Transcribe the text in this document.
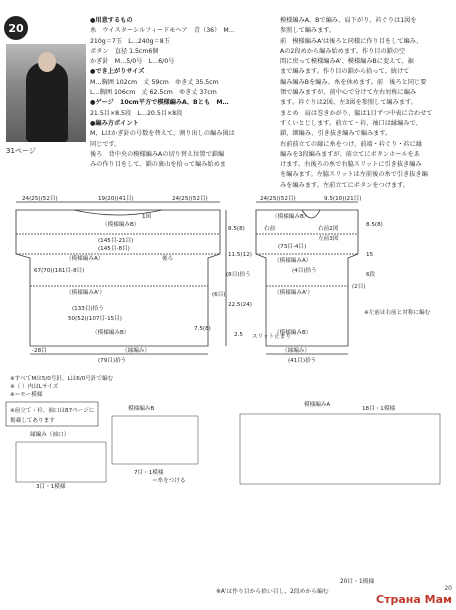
20
31ページ
●用意するもの
糸　ウイスターシルフィードモヘア　青（36）　M…
210g＝7玉　L…240g＝8玉
ボタン　直径 1.5cm6個
かぎ針　M…5/0号　L…6/0号
●でき上がりサイズ
M…胸囲 102cm　丈 59cm　ゆき丈 35.5cm
L…胸囲 106cm　丈 62.5cm　ゆき丈 37cm
●ゲージ　10cm平方で模様編みA、Bとも　M…
21.5目×8.5段　L…20.5目×8段
●編み方ポイント
M、Lはかぎ針の号数を替えて、割り出しの編み図は
同じです。
後ろ　背中央の模様編みAの切り替え位置で鎖編
みの作り目をして、鎖の裏山を拾って編み始めま
模様編みA、Bで編み、肩下がり、衿ぐりは1図を
参照して編みます。
前　模様編みA'は後ろと同様に作り目をして編み、
Aの2段めから編み始めます。作り目の鎖の空
間に戻って模様編みA'、模様編みBに変えて、裾
まで編みます。作り目の鎖から拾って、続けて
編み編みBを編み、糸を休めます。前　後ろと同じ要
領で編みますが、前中心で分けて左右対称に編み
ます。衿ぐりは2図、左3図を参照して編みます。
まとめ　肩は巻きかがり、脇は1目ずつ中表に合わせて
すくいとじします。前立て・衿、袖口は縁編みで、
鎖、細編み、引き抜き編みで編みます。
右前前立ての縁に糸をつけ、前端・衿ぐり・衿に縁
編みを3段編みますが、前立てにボタンホールをあ
けます。右後ろの糸で右脇スリットに引き抜き編み
を編みます。左脇スリットは左前後の糸で引き抜き編
みを編みます。左前立てにボタンをつけます。
24(25)(52目)	19(20)(41目)	24(25)(52目)	24(25)(52目)	9.5(10)(21目)
1図
（模様編みB）
(145目-21目)
(145目-8目)
（模様編みA）	後ろ
67(70)(161目-8目)
（模様編みA'）
(133目)拾う
50(52)(107目-15目)
（模様編みB）
-28目	（縁編み）
(79目)拾う
8.5(8)
11.5(12)
22.5(24)
7.5(8)
2.5
(8目)拾う
(6目)
（模様編みB）
右前	右前2図
左前3図
(73目-4目)
（模様編みA）
(4目)拾う
（模様編みA'）
（模様編みB）
※左前は右前と対称に編む
スリット止まり
（縁編み）
(41目)拾う
8.5(8)
15
6段
(2目)
※すべてMは5/0号針、Lは6/0号針で編む
※（ ）内はLサイズ
※＝モー模様
※前立て・衿、袖口は87ページに
掲載してあります
縁編み（袖口）
3目・1模様
模様編みB
7目・1模様
＝糸をつける
模様編みA
18目・1模様
※A'は作り目から拾い目し、2段めから編む
20目・1模様
20
Страна Мам
